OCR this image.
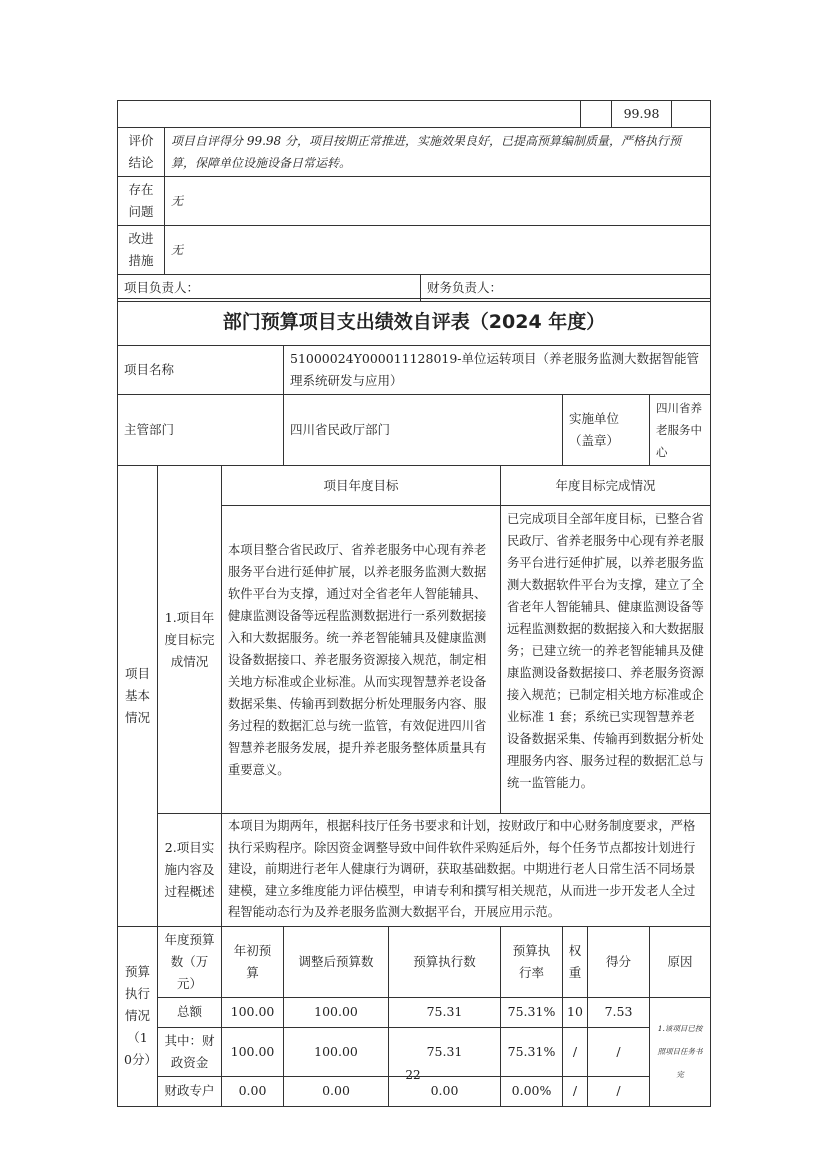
				99.98	
评价结论	项目自评得分 99.98 分，项目按期正常推进，实施效果良好，已提高预算编制质量，严格执行预算，保障单位设施设备日常运转。				
存在问题	无				
改进措施	无				
项目负责人：		财务负责人：			
部门预算项目支出绩效自评表（2024 年度）								
项目名称			51000024Y000011128019-单位运转项目（养老服务监测大数据智能管理系统研发与应用）					
主管部门			四川省民政厅部门			实施单位（盖章）		四川省养老服务中心
项目基本情况	1.项目年度目标完成情况	项目年度目标			年度目标完成情况			
		本项目整合省民政厅、省养老服务中心现有养老服务平台进行延伸扩展，以养老服务监测大数据软件平台为支撑，通过对全省老年人智能辅具、健康监测设备等远程监测数据进行一系列数据接入和大数据服务。统一养老智能辅具及健康监测设备数据接口、养老服务资源接入规范，制定相关地方标准或企业标准。从而实现智慧养老设备数据采集、传输再到数据分析处理服务内容、服务过程的数据汇总与统一监管，有效促进四川省智慧养老服务发展，提升养老服务整体质量具有重要意义。			已完成项目全部年度目标，已整合省民政厅、省养老服务中心现有养老服务平台进行延伸扩展，以养老服务监测大数据软件平台为支撑，建立了全省老年人智能辅具、健康监测设备等远程监测数据的数据接入和大数据服务；已建立统一的养老智能辅具及健康监测设备数据接口、养老服务资源接入规范；已制定相关地方标准或企业标准 1 套；系统已实现智慧养老设备数据采集、传输再到数据分析处理服务内容、服务过程的数据汇总与统一监管能力。			
	2.项目实施内容及过程概述	本项目为期两年，根据科技厅任务书要求和计划，按财政厅和中心财务制度要求，严格执行采购程序。除因资金调整导致中间件软件采购延后外，每个任务节点都按计划进行建设，前期进行老年人健康行为调研，获取基础数据。中期进行老人日常生活不同场景建模，建立多维度能力评估模型，申请专利和撰写相关规范，从而进一步开发老人全过程智能动态行为及养老服务监测大数据平台，开展应用示范。						
预算执行情况（10分）	年度预算数（万元）	年初预算	调整后预算数	预算执行数	预算执行率	权重	得分	原因
	总额	100.00	100.00	75.31	75.31%	10	7.53	1.该项目已按照项目任务书完
	其中：财政资金	100.00	100.00	75.31	75.31%	/	/	
	财政专户	0.00	0.00	0.00	0.00%	/	/	
22
